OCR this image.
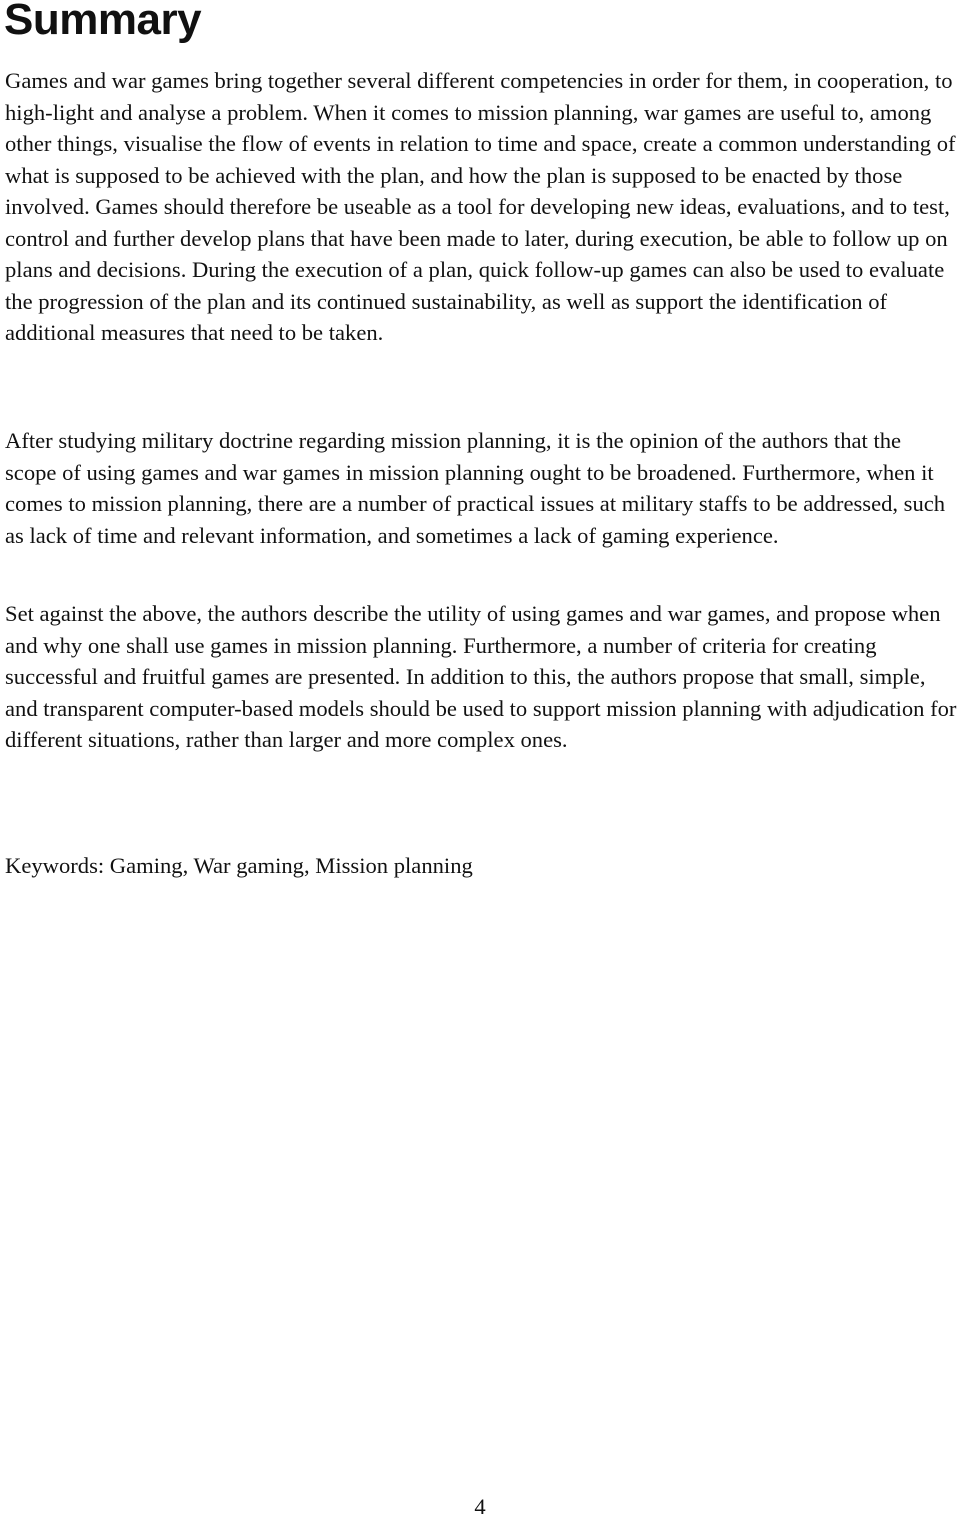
Summary

Games and war games bring together several different competencies in order for them, in cooperation, to high-light and analyse a problem. When it comes to mission planning, war games are useful to, among other things, visualise the flow of events in relation to time and space, create a common understanding of what is supposed to be achieved with the plan, and how the plan is supposed to be enacted by those involved. Games should therefore be useable as a tool for developing new ideas, evaluations, and to test, control and further develop plans that have been made to later, during execution, be able to follow up on plans and decisions. During the execution of a plan, quick follow-up games can also be used to evaluate the progression of the plan and its continued sustainability, as well as support the identification of additional measures that need to be taken.

After studying military doctrine regarding mission planning, it is the opinion of the authors that the scope of using games and war games in mission planning ought to be broadened. Furthermore, when it comes to mission planning, there are a number of practical issues at military staffs to be addressed, such as lack of time and relevant information, and sometimes a lack of gaming experience.

Set against the above, the authors describe the utility of using games and war games, and propose when and why one shall use games in mission planning. Furthermore, a number of criteria for creating successful and fruitful games are presented. In addition to this, the authors propose that small, simple, and transparent computer-based models should be used to support mission planning with adjudication for different situations, rather than larger and more complex ones.

Keywords: Gaming, War gaming, Mission planning

4
